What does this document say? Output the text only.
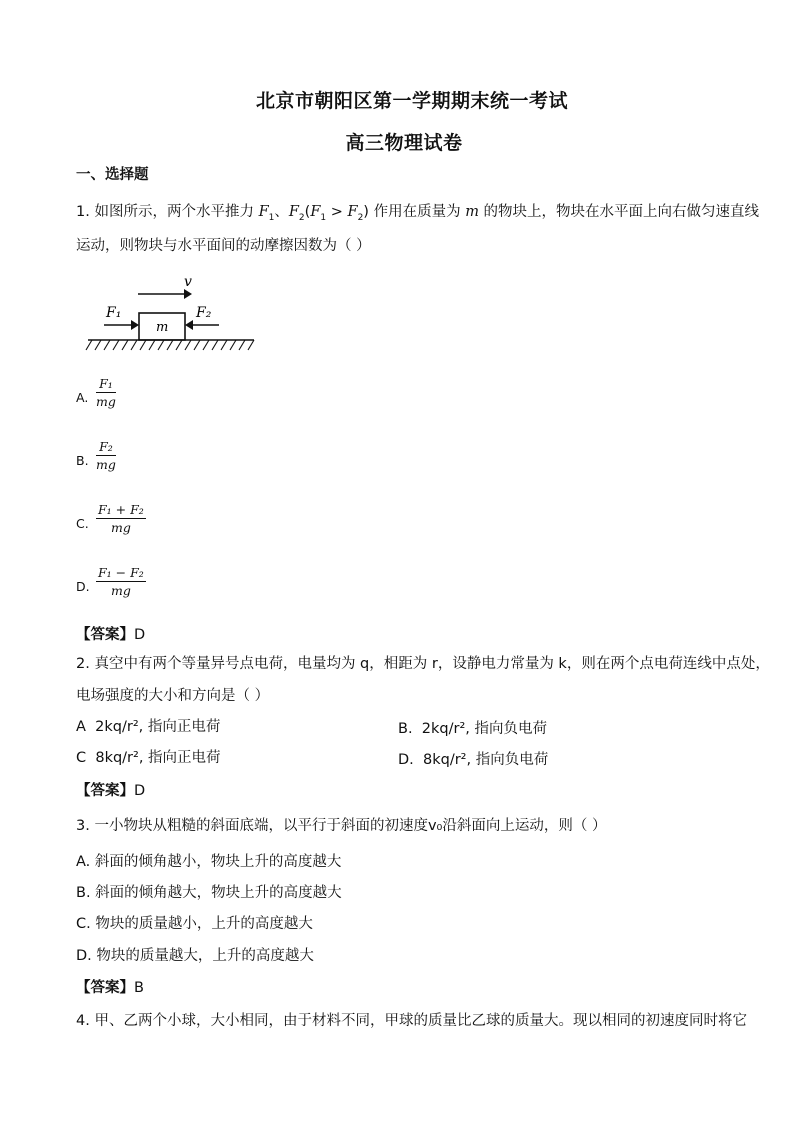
北京市朝阳区第一学期期末统一考试
高三物理试卷
一、选择题
1. 如图所示，两个水平推力 $F_1$、$F_2(F_1 > F_2)$ 作用在质量为 m 的物块上，物块在水平面上向右做匀速直线
运动，则物块与水平面间的动摩擦因数为（ ）
v
F₁
m
F₂
A. $\frac{\text{F₁}}{mg}$
B. $\frac{\text{F₂}}{mg}$
C. $\frac{\text{F₁ + F₂}}{mg}$
D. $\frac{\text{F₁ − F₂}}{mg}$
【答案】D
2. 真空中有两个等量异号点电荷，电量均为 q，相距为 r，设静电力常量为 k，则在两个点电荷连线中点处，
电场强度的大小和方向是（ ）
A 2kq/r², 指向正电荷	B. 2kq/r², 指向负电荷
C 8kq/r², 指向正电荷	D. 8kq/r², 指向负电荷
【答案】D
3. 一小物块从粗糙的斜面底端，以平行于斜面的初速度v₀沿斜面向上运动，则（ ）
A. 斜面的倾角越小，物块上升的高度越大
B. 斜面的倾角越大，物块上升的高度越大
C. 物块的质量越小，上升的高度越大
D. 物块的质量越大，上升的高度越大
【答案】B
4. 甲、乙两个小球，大小相同，由于材料不同，甲球的质量比乙球的质量大。现以相同的初速度同时将它
